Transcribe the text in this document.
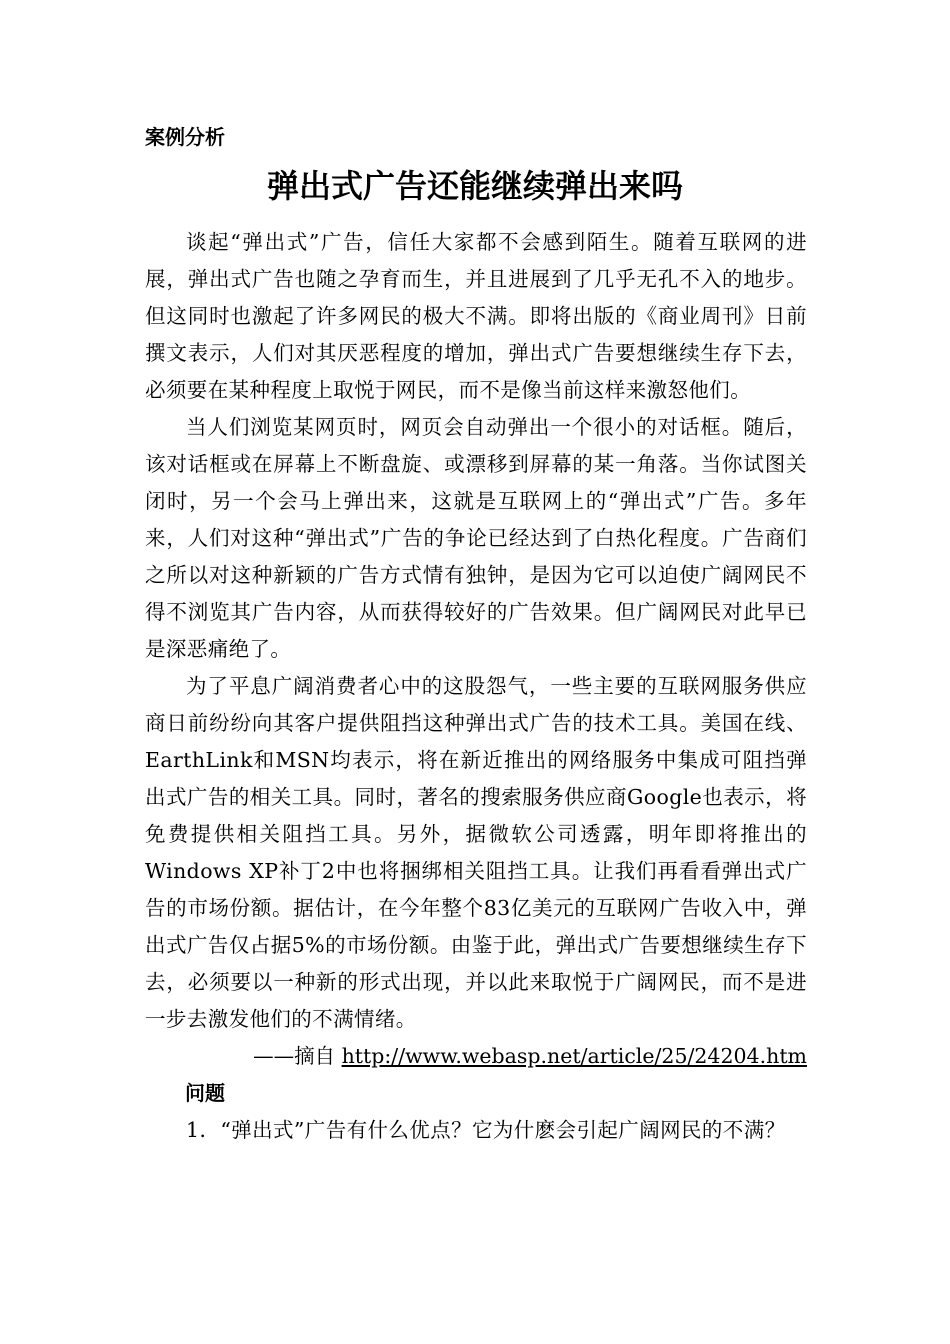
案例分析

弹出式广告还能继续弹出来吗

谈起“弹出式”广告，信任大家都不会感到陌生。随着互联网的进展，弹出式广告也随之孕育而生，并且进展到了几乎无孔不入的地步。但这同时也激起了许多网民的极大不满。即将出版的《商业周刊》日前撰文表示，人们对其厌恶程度的增加，弹出式广告要想继续生存下去，必须要在某种程度上取悦于网民，而不是像当前这样来激怒他们。

当人们浏览某网页时，网页会自动弹出一个很小的对话框。随后，该对话框或在屏幕上不断盘旋、或漂移到屏幕的某一角落。当你试图关闭时，另一个会马上弹出来，这就是互联网上的“弹出式”广告。多年来，人们对这种“弹出式”广告的争论已经达到了白热化程度。广告商们之所以对这种新颖的广告方式情有独钟，是因为它可以迫使广阔网民不得不浏览其广告内容，从而获得较好的广告效果。但广阔网民对此早已是深恶痛绝了。

为了平息广阔消费者心中的这股怨气，一些主要的互联网服务供应商日前纷纷向其客户提供阻挡这种弹出式广告的技术工具。美国在线、EarthLink和MSN均表示，将在新近推出的网络服务中集成可阻挡弹出式广告的相关工具。同时，著名的搜索服务供应商Google也表示，将免费提供相关阻挡工具。另外，据微软公司透露，明年即将推出的Windows XP补丁2中也将捆绑相关阻挡工具。让我们再看看弹出式广告的市场份额。据估计，在今年整个83亿美元的互联网广告收入中，弹出式广告仅占据5%的市场份额。由鉴于此，弹出式广告要想继续生存下去，必须要以一种新的形式出现，并以此来取悦于广阔网民，而不是进一步去激发他们的不满情绪。

——摘自 http://www.webasp.net/article/25/24204.htm

问题

1．“弹出式”广告有什么优点？它为什麽会引起广阔网民的不满？
